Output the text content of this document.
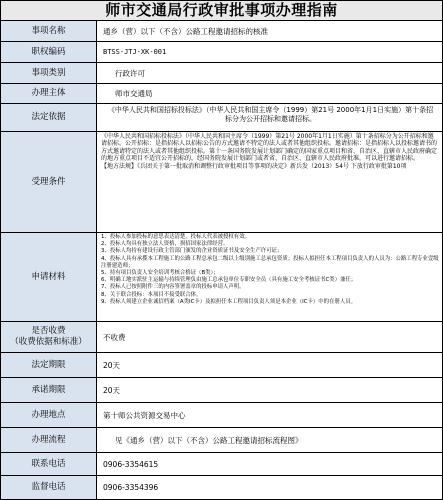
师市交通局行政审批事项办理指南
事项名称	通乡（营）以下（不含）公路工程邀请招标的核准
职权编码	BTSS-JTJ-XK-001
事项类别	行政许可
办理主体	师市交通局
法定依据
《中华人民共和国招标投标法》（中华人民共和国主席令（1999）第21号 2000年1月1日实施）第十条招标分为公开招标和邀请招标。
受理条件

《中华人民共和国招标投标法》（中华人民共和国主席令（1999）第21号 2000年1月1日实施）第十条招标分为公开招标和邀请招标。公开招标：是指招标人以招标公告的方式邀请不特定的法人或者其他组织投标。邀请招标：是指招标人以投标邀请书的方式邀请特定的法人或者其他组织投标。第十一条国务院发展计划部门确定的国家重点项目和省、自治区、直辖市人民政府确定的地方重点项目不适宜公开招标的，经国务院发展计划部门或者省、自治区、直辖市人民政府批准，可以进行邀请招标。

【地方法规】《兵团关于第一批取消和调整行政审批项目等事项的决定》新兵发（2013）54号 下放行政审批第10项

申请材料

1、投标人参加投标的意思表达清楚，投标人代表被授权有效。

2、投标人均具有独立法人资格，损招国家法律经营。

3、投标人均持有建设行政主管部门颁发的企业资质证书及安全生产许可证；

4、投标人具有承揽本工程施工的公路工程总承包二级以上级别施工总承包资质；投标人拟担任本工程项目负责人的人员为：公路工程专业壹级注册建造师；

5、持有项目负责人安全培训考核合格证（B类）；

6、明确工地实派驻主运输与持续管理负由施工总承包单位专职安全员（具有施工安全考核证书C类）兼任；

7、投标人已按照附件三的内容签署盖章的投标申请人声明。

8、关于联合投标：本项目不接受联合体。

9、投标人须建立企业诚信档案（A类IC卡）及拟担任本工程项目负责人须是本企业（IC卡）中的在册人员。

是否收费
（收费依据和标准）	不收费
法定期限	20天
承诺期限	20天
办理地点	第十师公共资源交易中心
办理流程	见《通乡（营）以下（不含）公路工程邀请招标流程图》
联系电话	0906-3354615
监督电话	0906-3354396
